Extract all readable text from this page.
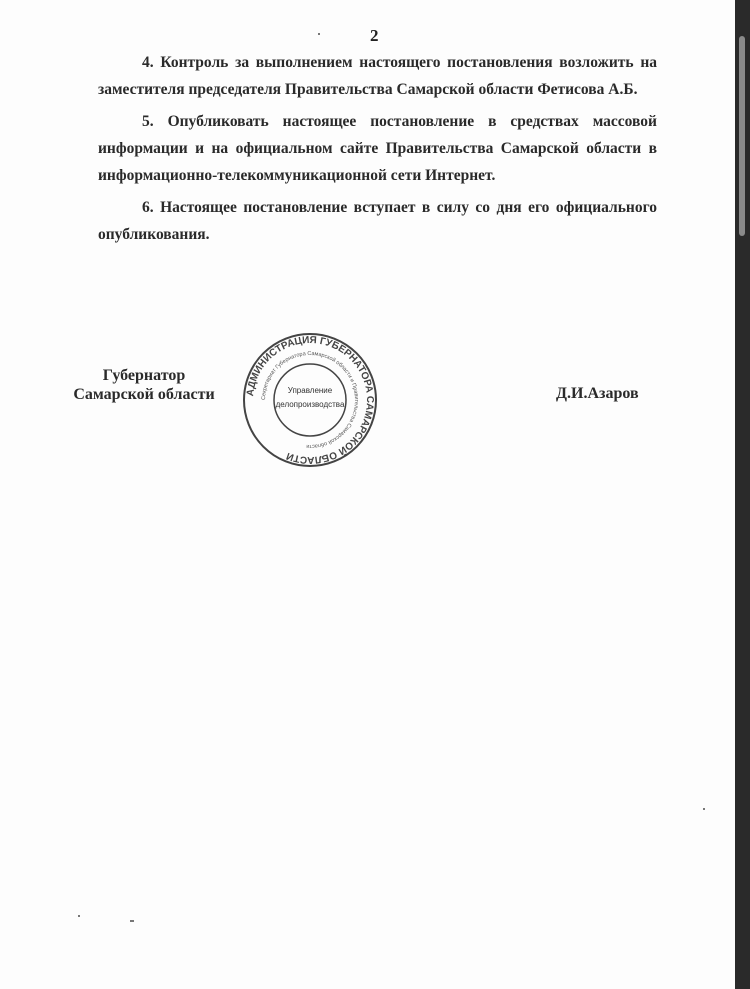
2

4. Контроль за выполнением настоящего постановления возложить на заместителя председателя Правительства Самарской области Фетисова А.Б.

5. Опубликовать настоящее постановление в средствах массовой информации и на официальном сайте Правительства Самарской области в информационно-телекоммуникационной сети Интернет.

6. Настоящее постановление вступает в силу со дня его официального опубликования.

Губернатор
Самарской области	АДМИНИСТРАЦИЯ ГУБЕРНАТОРА САМАРСКОЙ ОБЛАСТИ
Секретариат Губернатора Самарской области и Правительства Самарской области
Управление
делопроизводства
Д.И.Азаров
